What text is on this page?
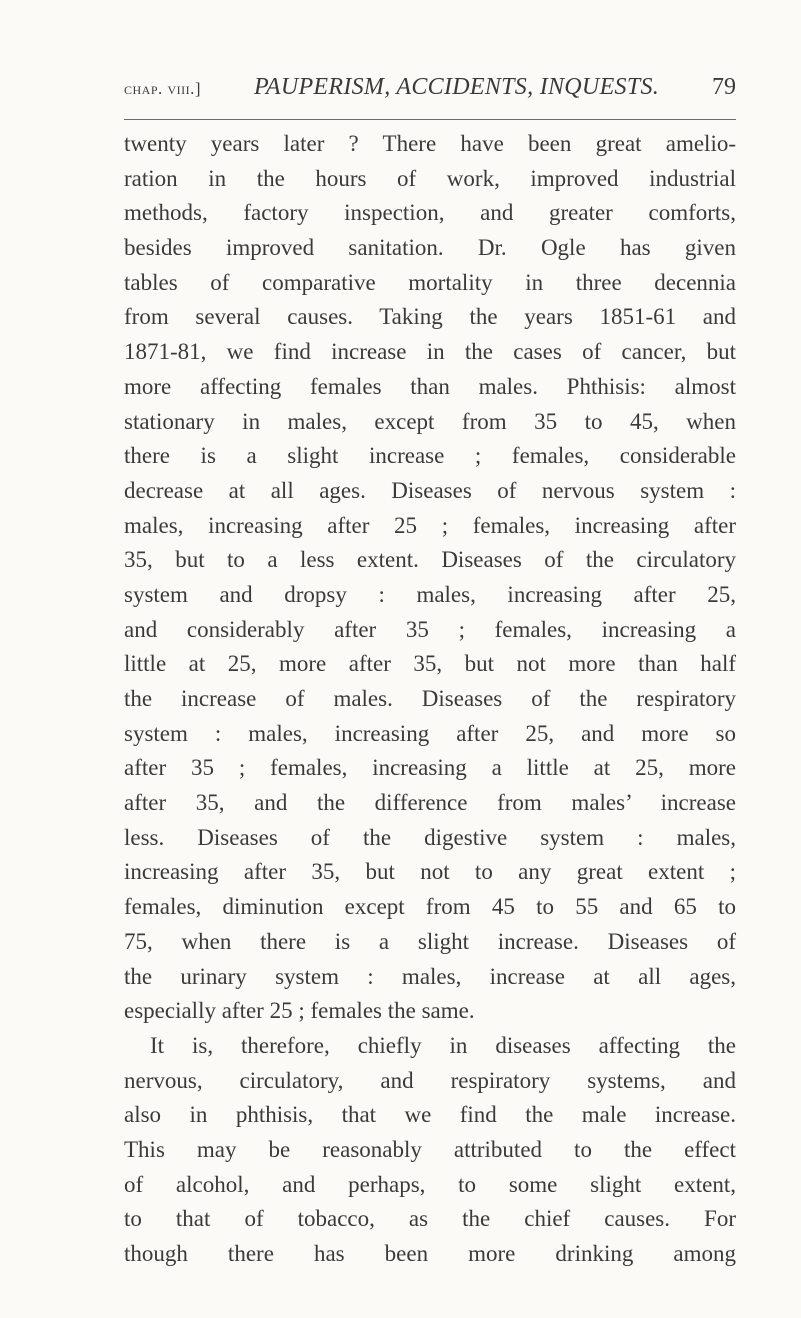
chap. viii.] PAUPERISM, ACCIDENTS, INQUESTS. 79
twenty years later ? There have been great amelio-
ration in the hours of work, improved industrial
methods, factory inspection, and greater comforts,
besides improved sanitation. Dr. Ogle has given
tables of comparative mortality in three decennia
from several causes. Taking the years 1851-61 and
1871-81, we find increase in the cases of cancer, but
more affecting females than males. Phthisis: almost
stationary in males, except from 35 to 45, when
there is a slight increase ; females, considerable
decrease at all ages. Diseases of nervous system :
males, increasing after 25 ; females, increasing after
35, but to a less extent. Diseases of the circulatory
system and dropsy : males, increasing after 25,
and considerably after 35 ; females, increasing a
little at 25, more after 35, but not more than half
the increase of males. Diseases of the respiratory
system : males, increasing after 25, and more so
after 35 ; females, increasing a little at 25, more
after 35, and the difference from males’ increase
less. Diseases of the digestive system : males,
increasing after 35, but not to any great extent ;
females, diminution except from 45 to 55 and 65 to
75, when there is a slight increase. Diseases of
the urinary system : males, increase at all ages,
especially after 25 ; females the same.
It is, therefore, chiefly in diseases affecting the
nervous, circulatory, and respiratory systems, and
also in phthisis, that we find the male increase.
This may be reasonably attributed to the effect
of alcohol, and perhaps, to some slight extent,
to that of tobacco, as the chief causes. For
though there has been more drinking among
